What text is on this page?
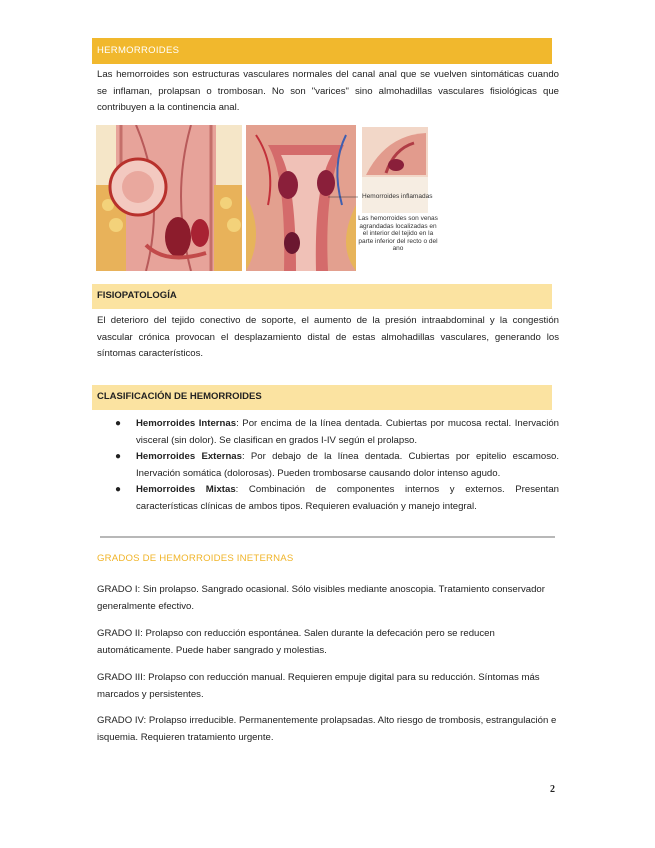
HERMORROIDES
Las hemorroides son estructuras vasculares normales del canal anal que se vuelven sintomáticas cuando se inflaman, prolapsan o trombosan. No son "varices" sino almohadillas vasculares fisiológicas que contribuyen a la continencia anal.
Hemorroides inflamadas
Las hemorroides son venas agrandadas localizadas en el interior del tejido en la parte inferior del recto o del ano
FISIOPATOLOGÍA
El deterioro del tejido conectivo de soporte, el aumento de la presión intraabdominal y la congestión vascular crónica provocan el desplazamiento distal de estas almohadillas vasculares, generando los síntomas característicos.
CLASIFICACIÓN DE HEMORROIDES
● Hemorroides Internas: Por encima de la línea dentada. Cubiertas por mucosa rectal. Inervación visceral (sin dolor). Se clasifican en grados I-IV según el prolapso.
● Hemorroides Externas: Por debajo de la línea dentada. Cubiertas por epitelio escamoso. Inervación somática (dolorosas). Pueden trombosarse causando dolor intenso agudo.
● Hemorroides Mixtas: Combinación de componentes internos y externos. Presentan características clínicas de ambos tipos. Requieren evaluación y manejo integral.
GRADOS DE HEMORROIDES INETERNAS
GRADO I: Sin prolapso. Sangrado ocasional. Sólo visibles mediante anoscopia. Tratamiento conservador generalmente efectivo.
GRADO II: Prolapso con reducción espontánea. Salen durante la defecación pero se reducen automáticamente. Puede haber sangrado y molestias.
GRADO III: Prolapso con reducción manual. Requieren empuje digital para su reducción. Síntomas más marcados y persistentes.
GRADO IV: Prolapso irreducible. Permanentemente prolapsadas. Alto riesgo de trombosis, estrangulación e isquemia. Requieren tratamiento urgente.
2
